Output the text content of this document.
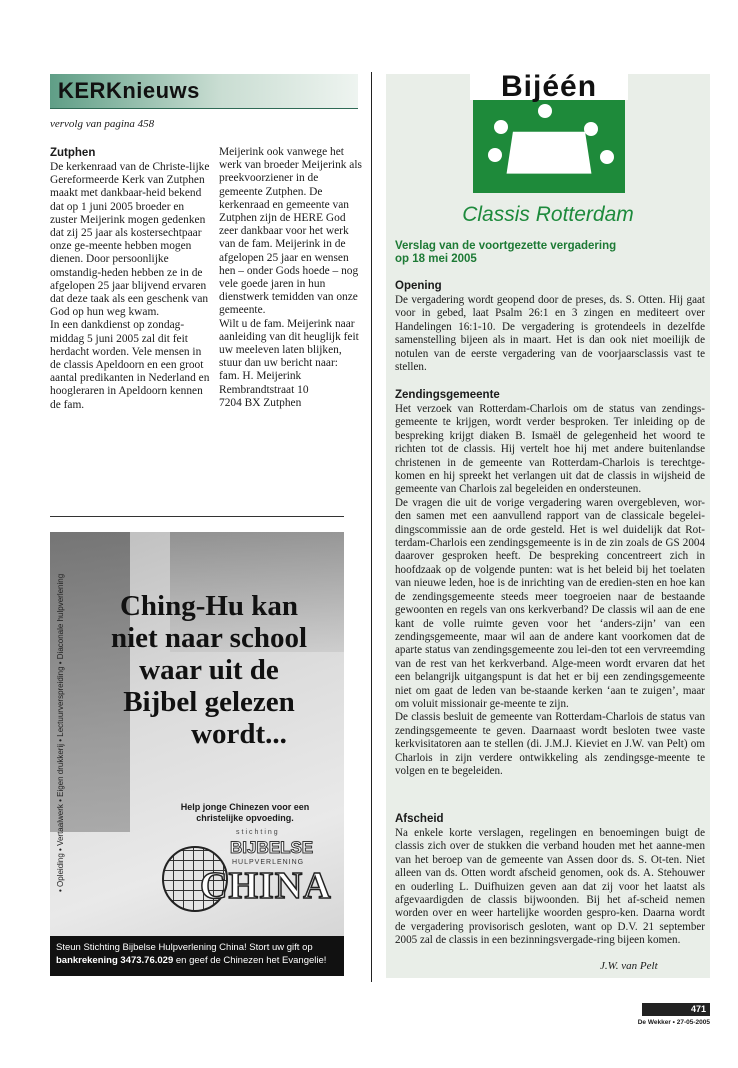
KERKnieuws
vervolg van pagina 458
Zutphen

De kerkenraad van de Christe-lijke Gereformeerde Kerk van Zutphen maakt met dankbaar-heid bekend dat op 1 juni 2005 broeder en zuster Meijerink mogen gedenken dat zij 25 jaar als kostersechtpaar onze ge-meente hebben mogen dienen. Door persoonlijke omstandig-heden hebben ze in de afgelopen 25 jaar blijvend ervaren dat deze taak als een geschenk van God op hun weg kwam.

In een dankdienst op zondag-middag 5 juni 2005 zal dit feit herdacht worden. Vele mensen in de classis Apeldoorn en een groot aantal predikanten in Nederland en hoogleraren in Apeldoorn kennen de fam.

Meijerink ook vanwege het werk van broeder Meijerink als preekvoorziener in de gemeente Zutphen. De kerkenraad en gemeente van Zutphen zijn de HERE God zeer dankbaar voor het werk van de fam. Meijerink in de afgelopen 25 jaar en wensen hen – onder Gods hoede – nog vele goede jaren in hun dienstwerk temidden van onze gemeente.

Wilt u de fam. Meijerink naar aanleiding van dit heuglijk feit uw meeleven laten blijken, stuur dan uw bericht naar:

fam. H. Meijerink

Rembrandtstraat 10

7204 BX Zutphen

• Opleiding • Vertaalwerk • Eigen drukkerij • Lectuurverspreiding • Diaconale hulpverlening	Ching-Hu kan
niet naar school
waar uit de
Bijbel gelezen
wordt...
Help jonge Chinezen voor een
christelijke opvoeding.
stichting
BIJBELSE
HULPVERLENING
CHINA
Steun Stichting Bijbelse Hulpverlening China! Stort uw gift op
bankrekening 3473.76.029 en geef de Chinezen het Evangelie!
Bijéén
Classis Rotterdam
Verslag van de voortgezette vergadering
op 18 mei 2005
Opening

De vergadering wordt geopend door de preses, ds. S. Otten. Hij gaat voor in gebed, laat Psalm 26:1 en 3 zingen en mediteert over Handelingen 16:1-10. De vergadering is grotendeels in dezelfde samenstelling bijeen als in maart. Het is dan ook niet moeilijk de notulen van de eerste vergadering van de voorjaarsclassis vast te stellen.

Zendingsgemeente

Het verzoek van Rotterdam-Charlois om de status van zendings-gemeente te krijgen, wordt verder besproken. Ter inleiding op de bespreking krijgt diaken B. Ismaël de gelegenheid het woord te richten tot de classis. Hij vertelt hoe hij met andere buitenlandse christenen in de gemeente van Rotterdam-Charlois is terechtge-komen en hij spreekt het verlangen uit dat de classis in wijsheid de gemeente van Charlois zal begeleiden en ondersteunen.

De vragen die uit de vorige vergadering waren overgebleven, wor-den samen met een aanvullend rapport van de classicale begelei-dingscommissie aan de orde gesteld. Het is wel duidelijk dat Rot-terdam-Charlois een zendingsgemeente is in de zin zoals de GS 2004 daarover gesproken heeft. De bespreking concentreert zich in hoofdzaak op de volgende punten: wat is het beleid bij het toelaten van nieuwe leden, hoe is de inrichting van de eredien-sten en hoe kan de zendingsgemeente steeds meer toegroeien naar de bestaande gewoonten en regels van ons kerkverband? De classis wil aan de ene kant de volle ruimte geven voor het ‘anders-zijn’ van een zendingsgemeente, maar wil aan de andere kant voorkomen dat de aparte status van zendingsgemeente zou lei-den tot een vervreemding van de rest van het kerkverband. Alge-meen wordt ervaren dat het een belangrijk uitgangspunt is dat het er bij een zendingsgemeente niet om gaat de leden van be-staande kerken ‘aan te zuigen’, maar om voluit missionair ge-meente te zijn.

De classis besluit de gemeente van Rotterdam-Charlois de status van zendingsgemeente te geven. Daarnaast wordt besloten twee vaste kerkvisitatoren aan te stellen (di. J.M.J. Kieviet en J.W. van Pelt) om Charlois in zijn verdere ontwikkeling als zendingsge-meente te volgen en te begeleiden.

Afscheid

Na enkele korte verslagen, regelingen en benoemingen buigt de classis zich over de stukken die verband houden met het aanne-men van het beroep van de gemeente van Assen door ds. S. Ot-ten. Niet alleen van ds. Otten wordt afscheid genomen, ook ds. A. Stehouwer en ouderling L. Duifhuizen geven aan dat zij voor het laatst als afgevaardigden de classis bijwoonden. Bij het af-scheid nemen worden over en weer hartelijke woorden gespro-ken. Daarna wordt de vergadering provisorisch gesloten, want op D.V. 21 september 2005 zal de classis in een bezinningsvergade-ring bijeen komen.

J.W. van Pelt
471
De Wekker • 27-05-2005
